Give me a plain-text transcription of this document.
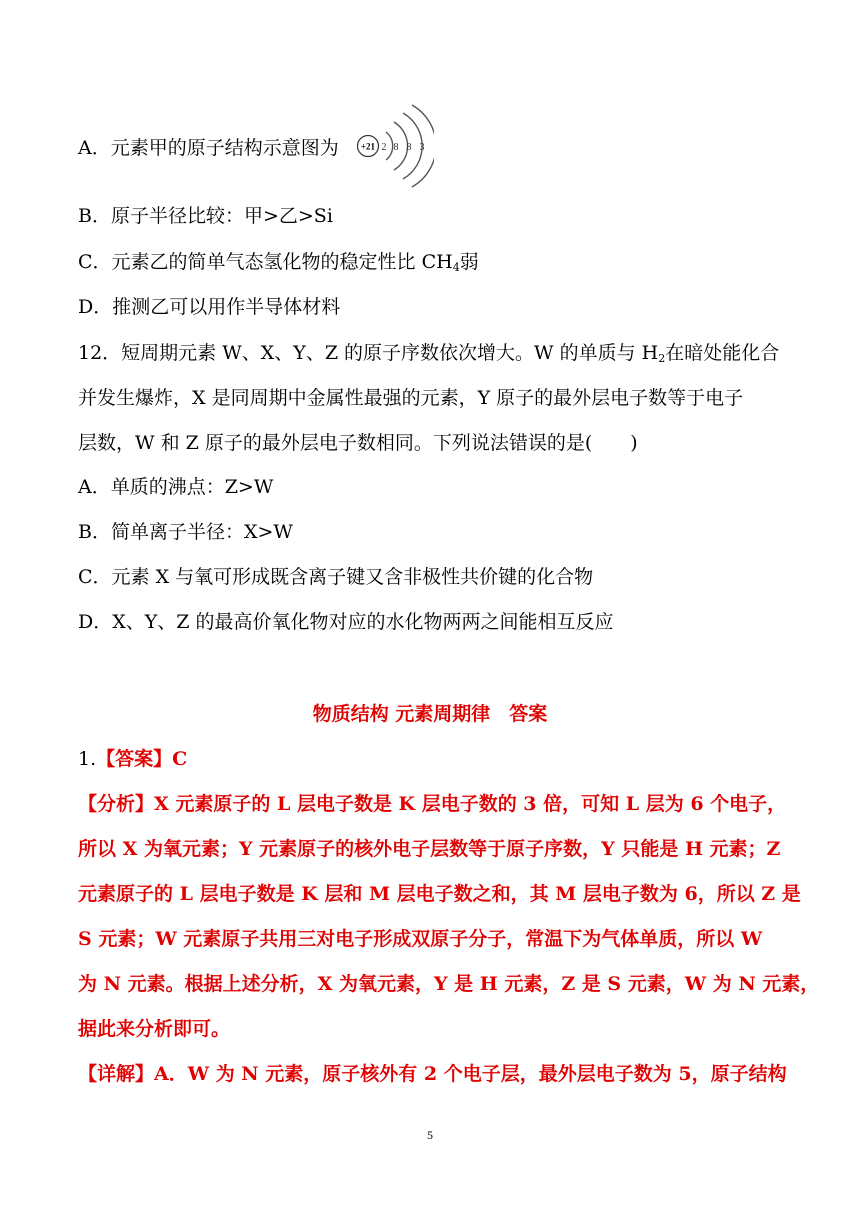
A．元素甲的原子结构示意图为 +21 2 8 8 3
B．原子半径比较：甲>乙>Si
C．元素乙的简单气态氢化物的稳定性比 $CH_4$弱
D．推测乙可以用作半导体材料
12．短周期元素 W、X、Y、Z 的原子序数依次增大。W 的单质与 $H_2$在暗处能化合
并发生爆炸，X 是同周期中金属性最强的元素，Y 原子的最外层电子数等于电子
层数，W 和 Z 原子的最外层电子数相同。下列说法错误的是(　　)
A．单质的沸点：Z>W
B．简单离子半径：X>W
C．元素 X 与氧可形成既含离子键又含非极性共价键的化合物
D．X、Y、Z 的最高价氧化物对应的水化物两两之间能相互反应
物质结构 元素周期律　答案
1.【答案】C
【分析】X 元素原子的 L 层电子数是 K 层电子数的 3 倍，可知 L 层为 6 个电子，
所以 X 为氧元素；Y 元素原子的核外电子层数等于原子序数，Y 只能是 H 元素；Z
元素原子的 L 层电子数是 K 层和 M 层电子数之和，其 M 层电子数为 6，所以 Z 是
S 元素；W 元素原子共用三对电子形成双原子分子，常温下为气体单质，所以 W
为 N 元素。根据上述分析，X 为氧元素，Y 是 H 元素，Z 是 S 元素，W 为 N 元素，
据此来分析即可。
【详解】A．W 为 N 元素，原子核外有 2 个电子层，最外层电子数为 5，原子结构
5
